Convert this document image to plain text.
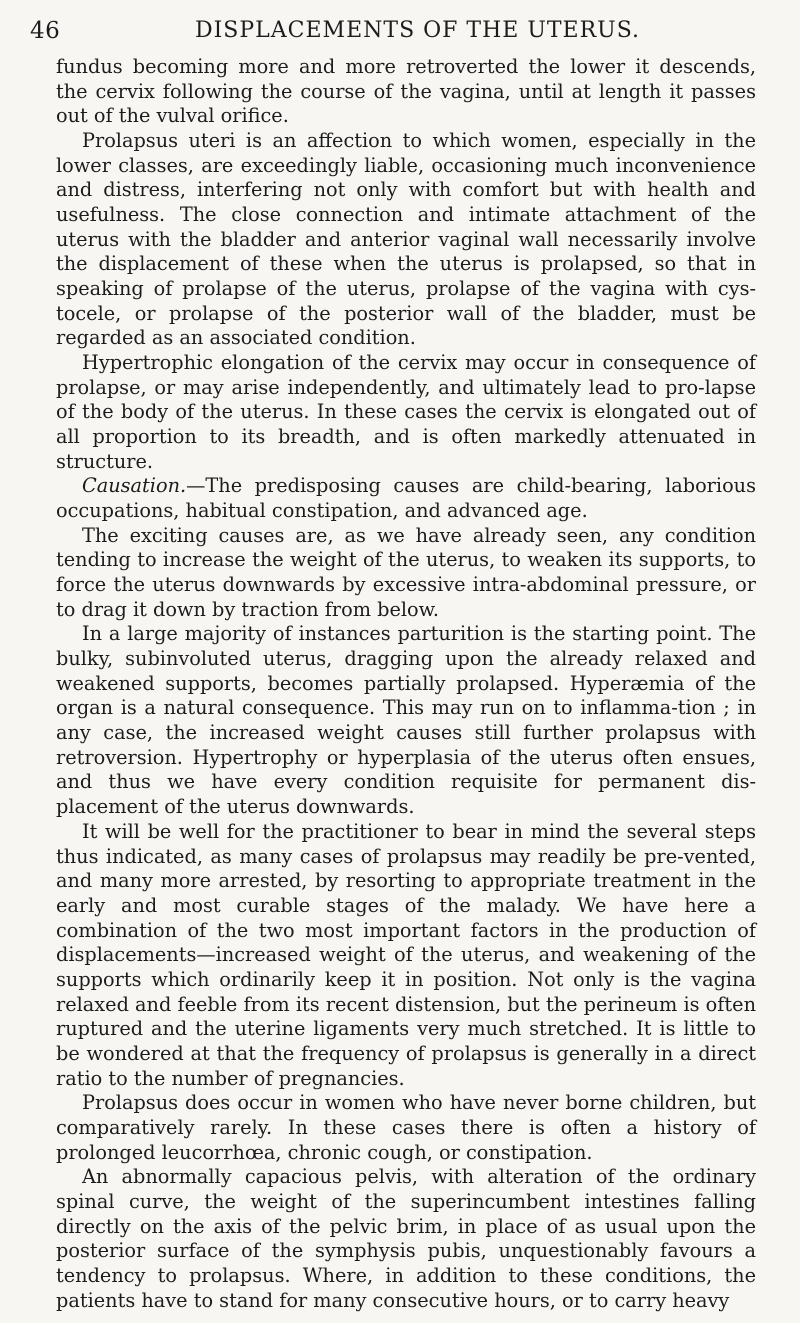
46	DISPLACEMENTS OF THE UTERUS.

fundus becoming more and more retroverted the lower it descends, the cervix following the course of the vagina, until at length it passes out of the vulval orifice.

Prolapsus uteri is an affection to which women, especially in the lower classes, are exceedingly liable, occasioning much inconvenience and distress, interfering not only with comfort but with health and usefulness. The close connection and intimate attachment of the uterus with the bladder and anterior vaginal wall necessarily involve the displacement of these when the uterus is prolapsed, so that in speaking of prolapse of the uterus, prolapse of the vagina with cys-tocele, or prolapse of the posterior wall of the bladder, must be regarded as an associated condition.

Hypertrophic elongation of the cervix may occur in consequence of prolapse, or may arise independently, and ultimately lead to pro-lapse of the body of the uterus. In these cases the cervix is elongated out of all proportion to its breadth, and is often markedly attenuated in structure.

Causation.—The predisposing causes are child-bearing, laborious occupations, habitual constipation, and advanced age.

The exciting causes are, as we have already seen, any condition tending to increase the weight of the uterus, to weaken its supports, to force the uterus downwards by excessive intra-abdominal pressure, or to drag it down by traction from below.

In a large majority of instances parturition is the starting point. The bulky, subinvoluted uterus, dragging upon the already relaxed and weakened supports, becomes partially prolapsed. Hyperæmia of the organ is a natural consequence. This may run on to inflamma-tion ; in any case, the increased weight causes still further prolapsus with retroversion. Hypertrophy or hyperplasia of the uterus often ensues, and thus we have every condition requisite for permanent dis-placement of the uterus downwards.

It will be well for the practitioner to bear in mind the several steps thus indicated, as many cases of prolapsus may readily be pre-vented, and many more arrested, by resorting to appropriate treatment in the early and most curable stages of the malady. We have here a combination of the two most important factors in the production of displacements—increased weight of the uterus, and weakening of the supports which ordinarily keep it in position. Not only is the vagina relaxed and feeble from its recent distension, but the perineum is often ruptured and the uterine ligaments very much stretched. It is little to be wondered at that the frequency of prolapsus is generally in a direct ratio to the number of pregnancies.

Prolapsus does occur in women who have never borne children, but comparatively rarely. In these cases there is often a history of prolonged leucorrhœa, chronic cough, or constipation.

An abnormally capacious pelvis, with alteration of the ordinary spinal curve, the weight of the superincumbent intestines falling directly on the axis of the pelvic brim, in place of as usual upon the posterior surface of the symphysis pubis, unquestionably favours a tendency to prolapsus. Where, in addition to these conditions, the patients have to stand for many consecutive hours, or to carry heavy
